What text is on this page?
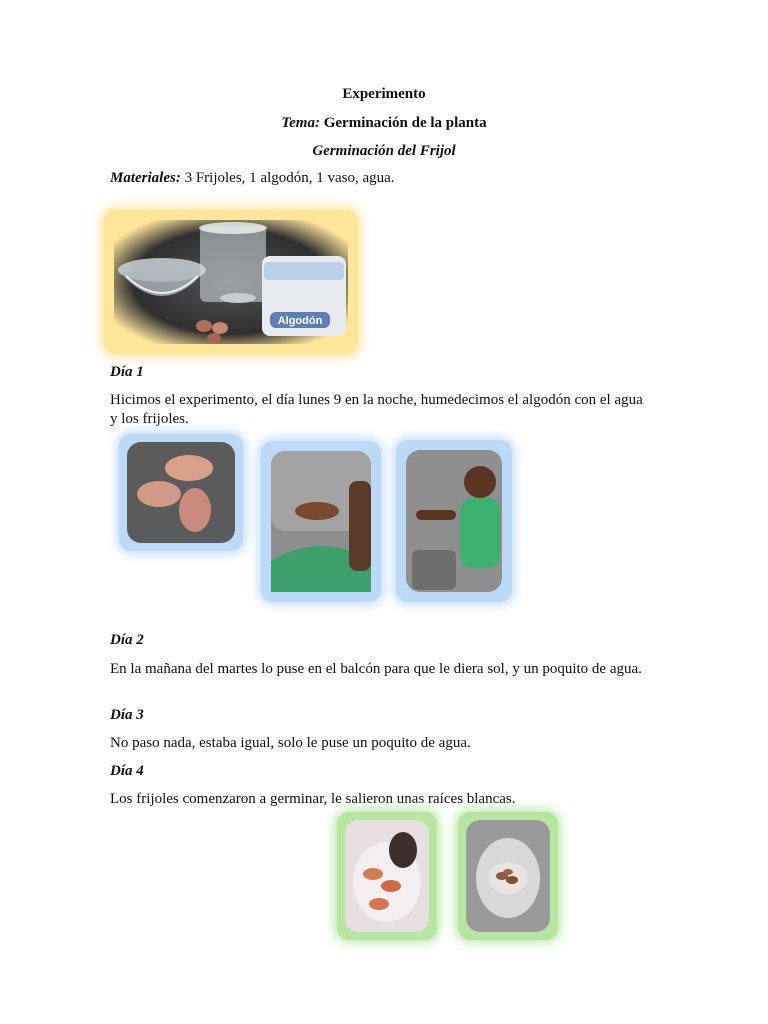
Experimento
Tema: Germinación de la planta
Germinación del Frijol
Materiales: 3 Frijoles, 1 algodón, 1 vaso, agua.
Algodón
Día 1
Hicimos el experimento, el día lunes 9 en la noche, humedecimos el algodón con el agua y los frijoles.
Día 2
En la mañana del martes lo puse en el balcón para que le diera sol, y un poquito de agua.
Día 3
No paso nada, estaba igual, solo le puse un poquito de agua.
Día 4
Los frijoles comenzaron a germinar, le salieron unas raíces blancas.
